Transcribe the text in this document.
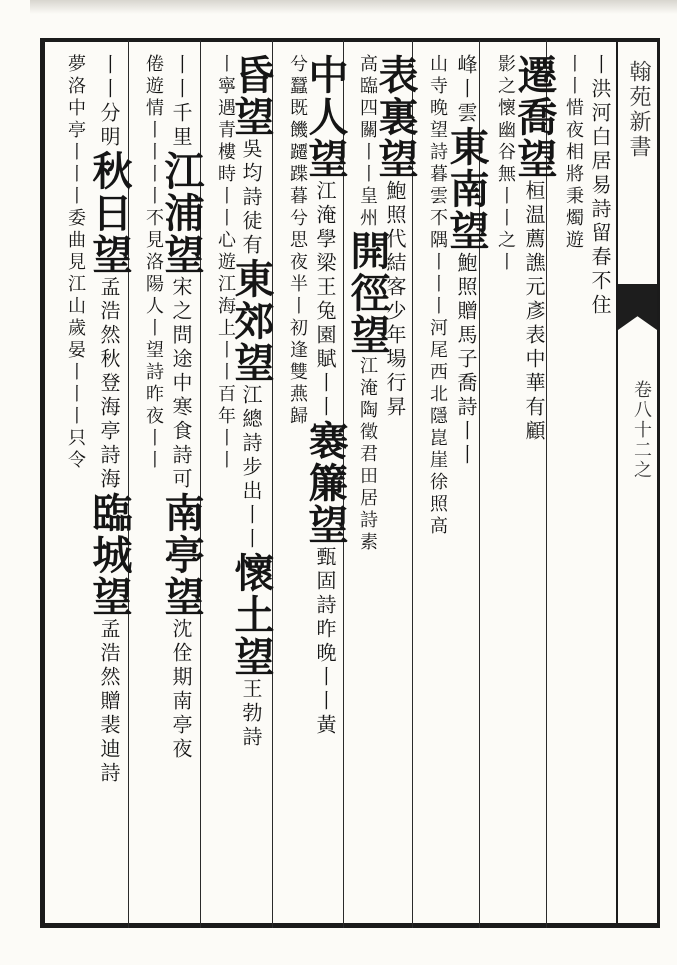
翰苑新書
卷八十二之
丨洪河白居易詩留春不住
丨丨惜夜相將秉燭遊
遷喬望桓温薦譙元彥表中華有顧
影之懷幽谷無丨丨之丨
峰丨雲東南望鮑照贈馬子喬詩丨丨
山寺晚望詩暮雲不隅丨丨丨河尾西北隱崑崖徐照高
表裏望鮑照代結客少年場行昇
高臨四關丨丨皇州開徑望江淹陶徵君田居詩素
中人望江淹學梁王兔園賦丨丨褰簾望甄固詩昨晚丨丨黃
兮蠶既饑躚蹀暮兮思夜半丨初逢雙燕歸
昏望吳均詩徒有東郊望江總詩步出丨丨懷土望王勃詩
丨寧遇青樓時丨丨心遊江海上丨丨百年丨丨
丨丨千里江浦望宋之問途中寒食詩可南亭望沈佺期南亭夜
倦遊情丨丨丨丨不見洛陽人丨望詩昨夜丨丨
丨丨分明秋日望孟浩然秋登海亭詩海臨城望孟浩然贈裴迪詩
夢洛中亭丨丨丨委曲見江山歲晏丨丨丨只令
